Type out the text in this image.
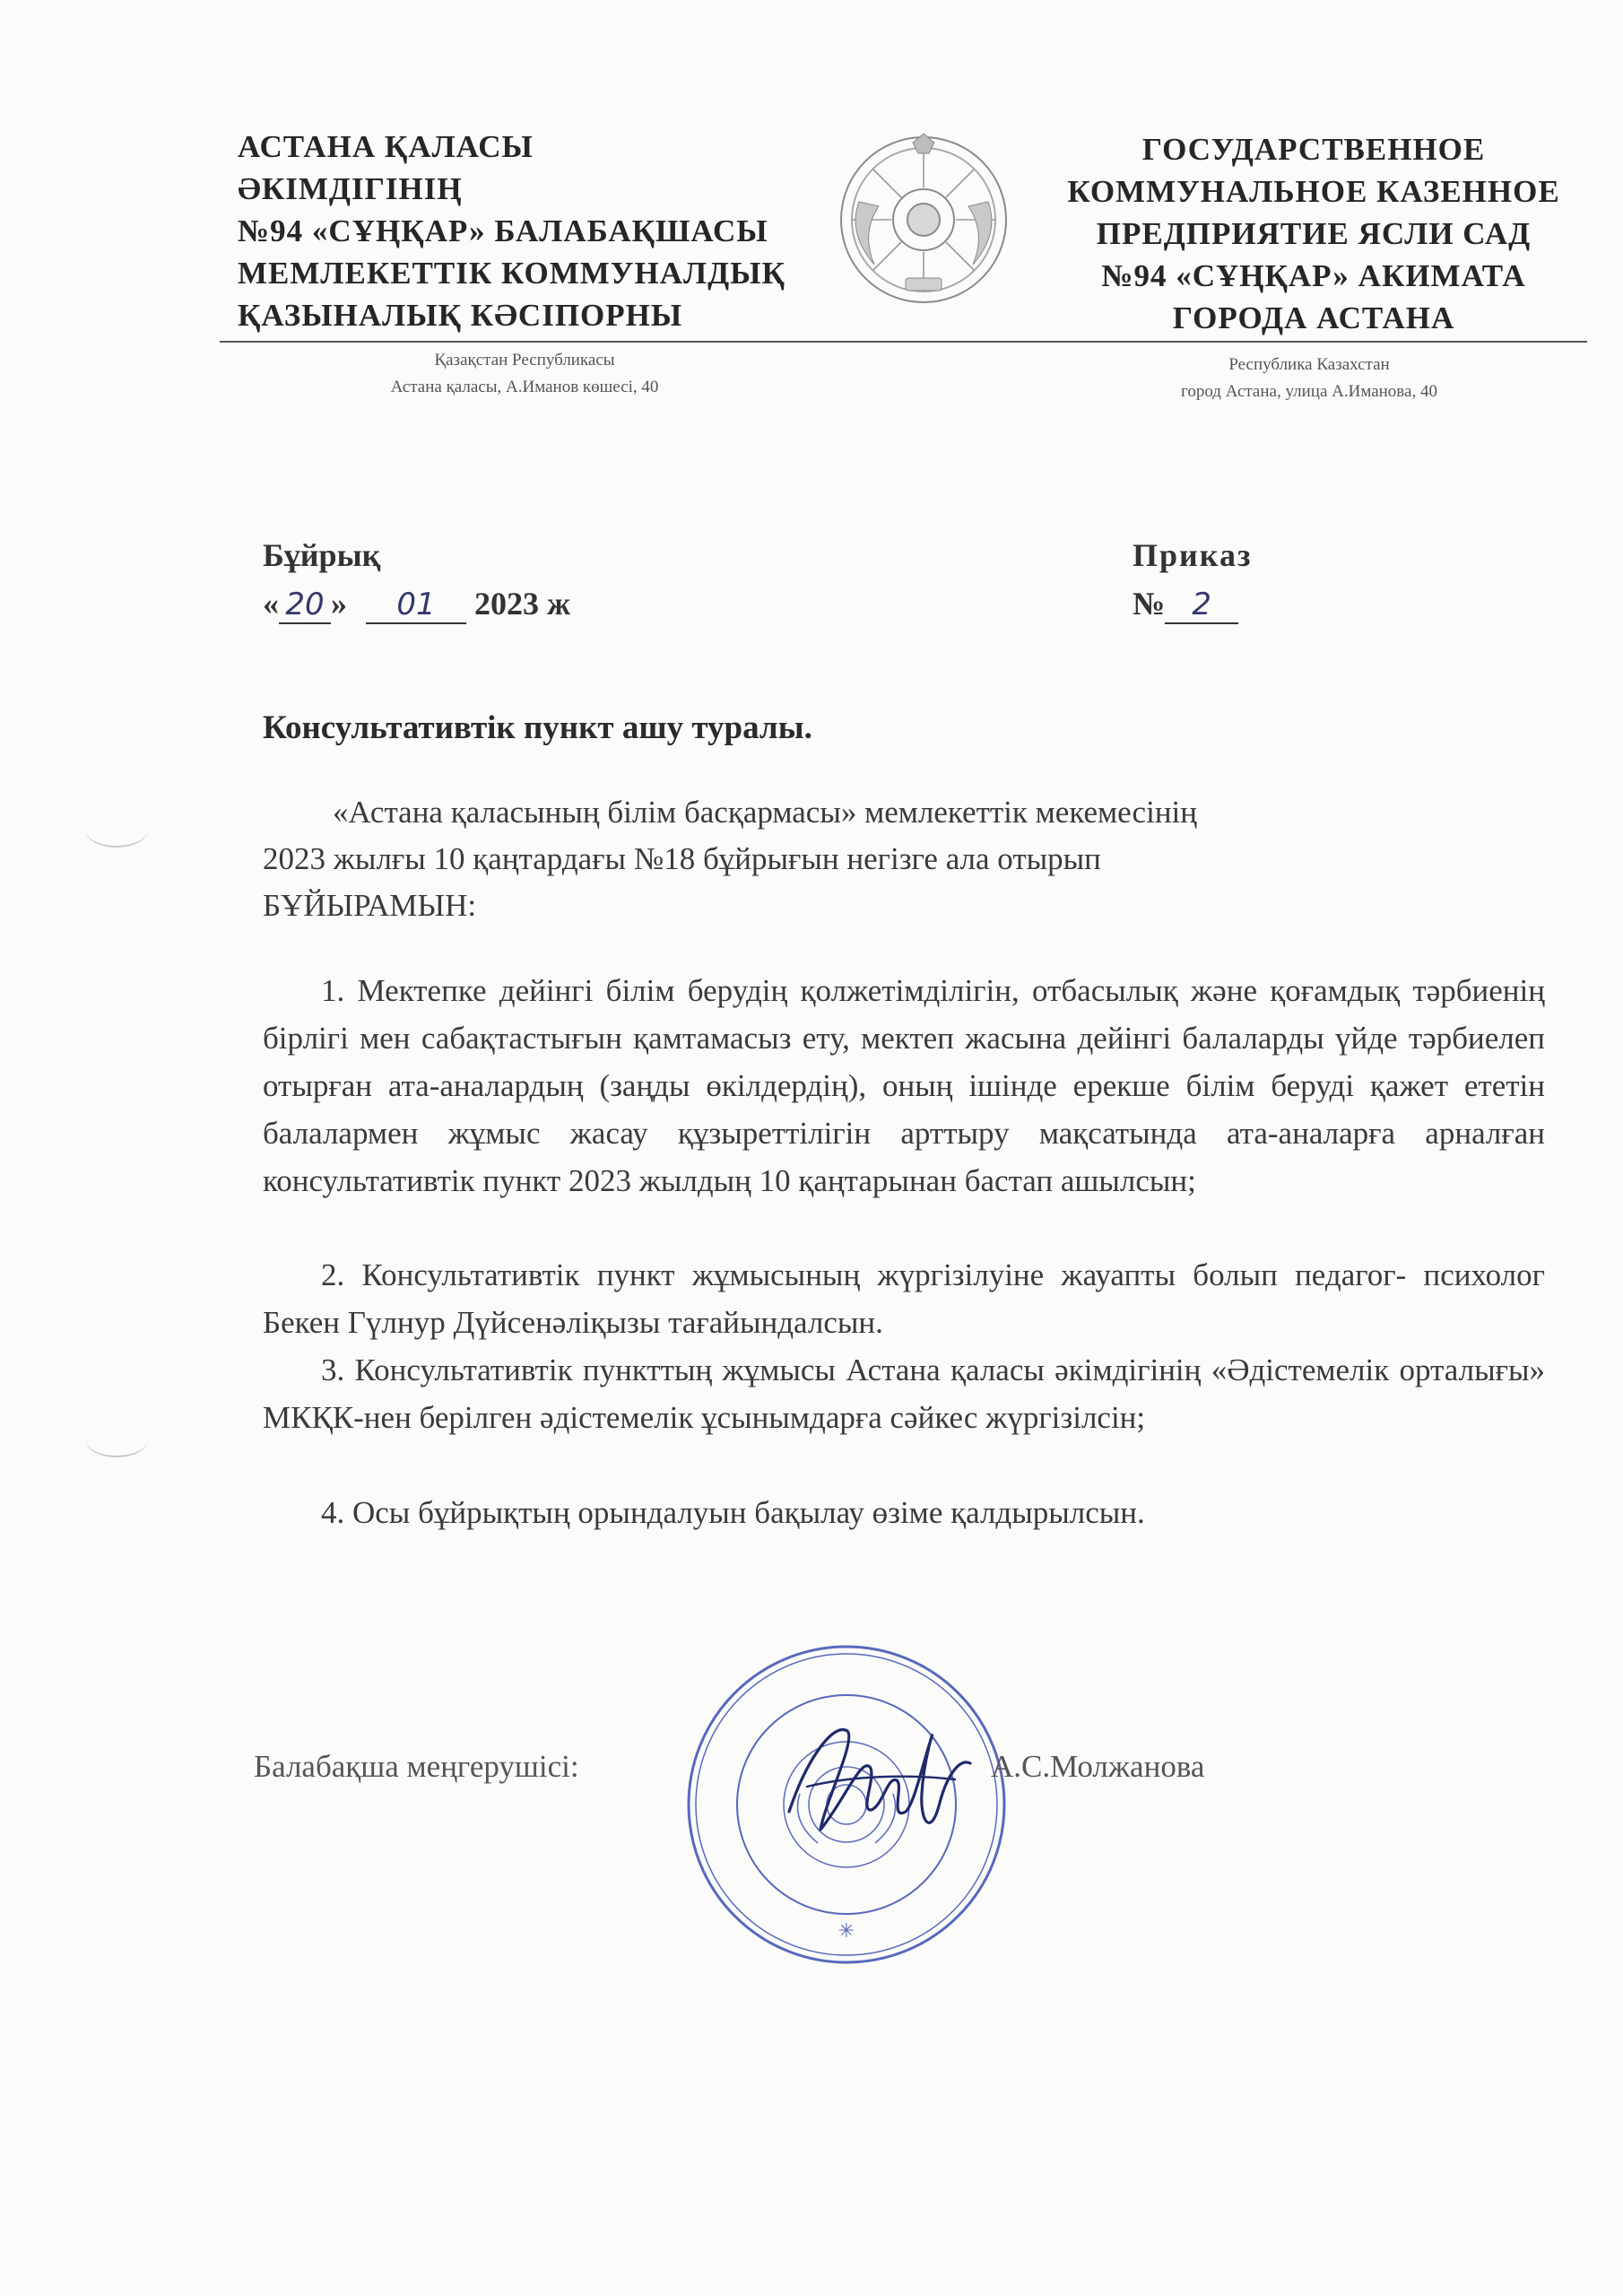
АСТАНА ҚАЛАСЫ
ӘКІМДІГІНІҢ
№94 «СҰҢҚАР» БАЛАБАҚШАСЫ
МЕМЛЕКЕТТІК КОММУНАЛДЫҚ
ҚАЗЫНАЛЫҚ КӘСІПОРНЫ
ГОСУДАРСТВЕННОЕ
КОММУНАЛЬНОЕ КАЗЕННОЕ
ПРЕДПРИЯТИЕ ЯСЛИ САД
№94 «СҰҢҚАР» АКИМАТА
ГОРОДА АСТАНА
Қазақстан Республикасы
Астана қаласы, А.Иманов көшесі, 40
Республика Казахстан
город Астана, улица А.Иманова, 40
Бұйрық
« 20 » 01 2023 ж
Приказ
№ 2
Консультативтік пункт ашу туралы.
«Астана қаласының білім басқармасы» мемлекеттік мекемесінің
2023 жылғы 10 қаңтардағы №18 бұйрығын негізге ала отырып
БҰЙЫРАМЫН:
1. Мектепке дейінгі білім берудің қолжетімділігін, отбасылық және қоғамдық тәрбиенің бірлігі мен сабақтастығын қамтамасыз ету, мектеп жасына дейінгі балаларды үйде тәрбиелеп отырған ата-аналардың (заңды өкілдердің), оның ішінде ерекше білім беруді қажет ететін балалармен жұмыс жасау құзыреттілігін арттыру мақсатында ата-аналарға арналған консультативтік пункт 2023 жылдың 10 қаңтарынан бастап ашылсын;
2. Консультативтік пункт жұмысының жүргізілуіне жауапты болып педагог- психолог Бекен Гүлнур Дүйсенәліқызы тағайындалсын.
3. Консультативтік пункттың жұмысы Астана қаласы әкімдігінің «Әдістемелік орталығы» МКҚК-нен берілген әдістемелік ұсынымдарға сәйкес жүргізілсін;
4. Осы бұйрықтың орындалуын бақылау өзіме қалдырылсын.
Балабақша меңгерушісі:
✳
А.С.Молжанова
